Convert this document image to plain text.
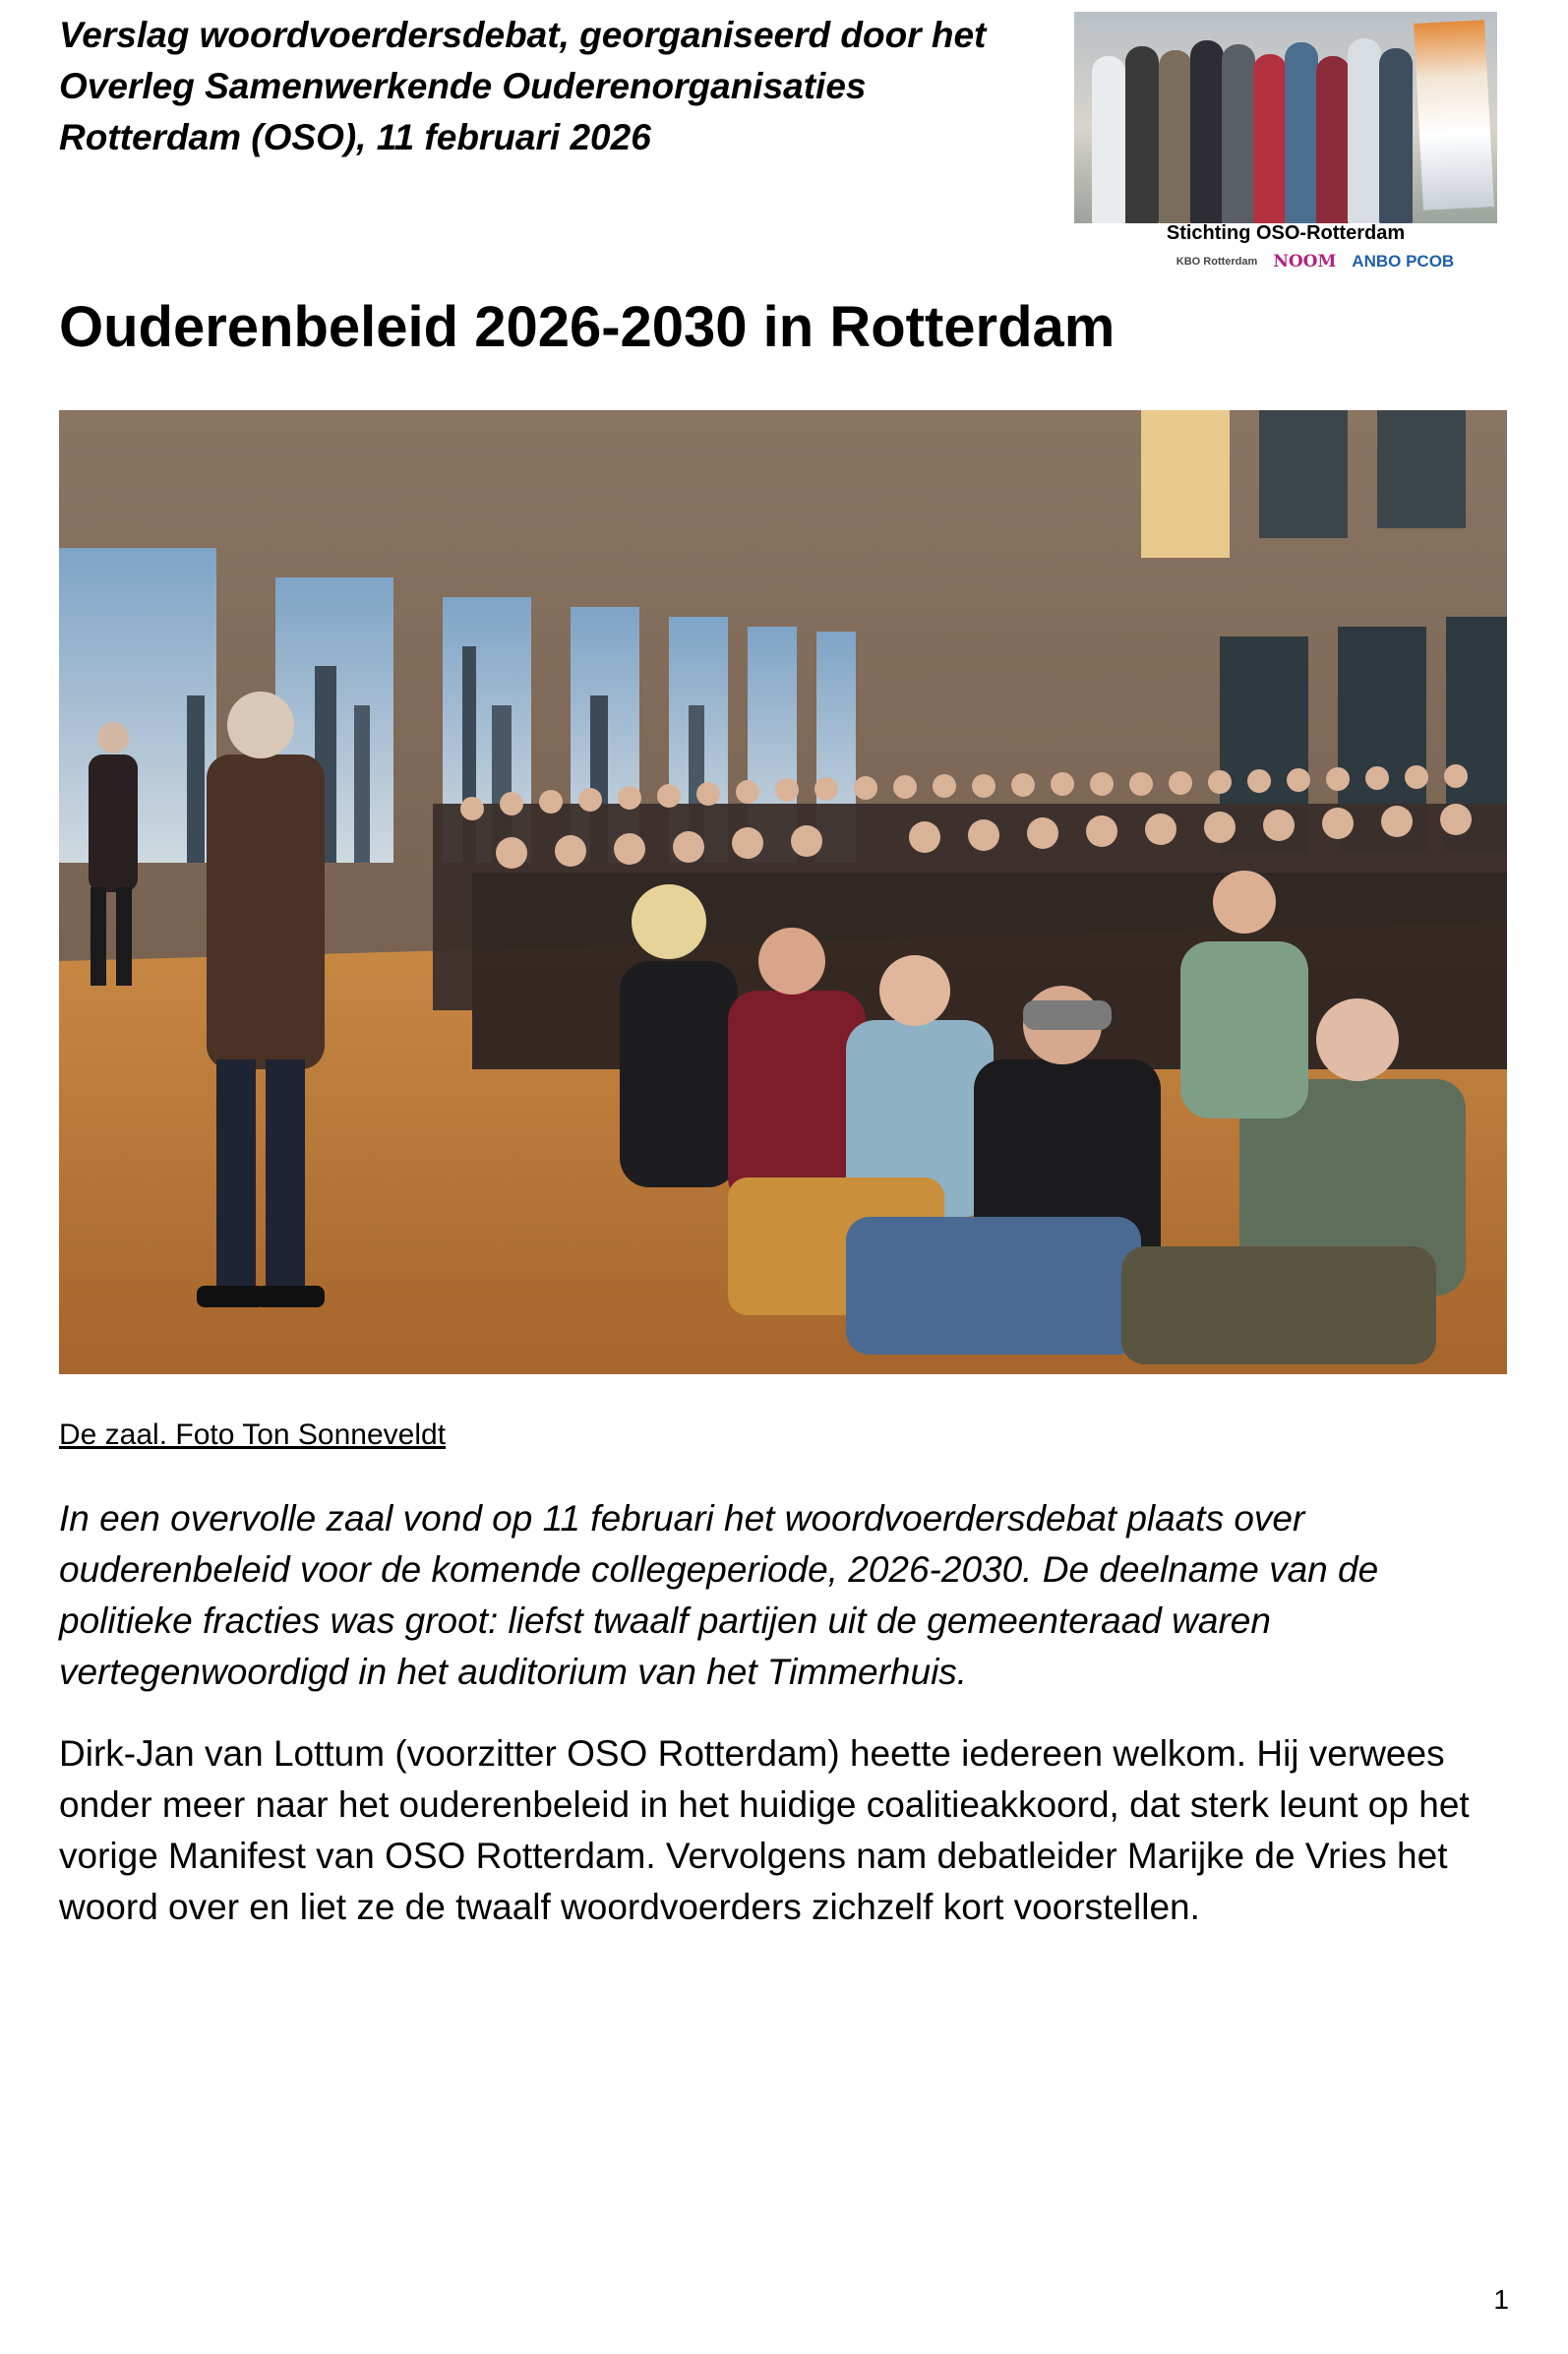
Verslag woordvoerdersdebat, georganiseerd door het
Overleg Samenwerkende Ouderenorganisaties
Rotterdam (OSO), 11 februari 2026
Stichting OSO-Rotterdam
KBO Rotterdam NOOM ANBO PCOB
Ouderenbeleid 2026-2030 in Rotterdam
De zaal. Foto Ton Sonneveldt
In een overvolle zaal vond op 11 februari het woordvoerdersdebat plaats over ouderenbeleid voor de komende collegeperiode, 2026-2030. De deelname van de politieke fracties was groot: liefst twaalf partijen uit de gemeenteraad waren vertegenwoordigd in het auditorium van het Timmerhuis.
Dirk-Jan van Lottum (voorzitter OSO Rotterdam) heette iedereen welkom. Hij verwees onder meer naar het ouderenbeleid in het huidige coalitieakkoord, dat sterk leunt op het vorige Manifest van OSO Rotterdam. Vervolgens nam debatleider Marijke de Vries het woord over en liet ze de twaalf woordvoerders zichzelf kort voorstellen.
1
